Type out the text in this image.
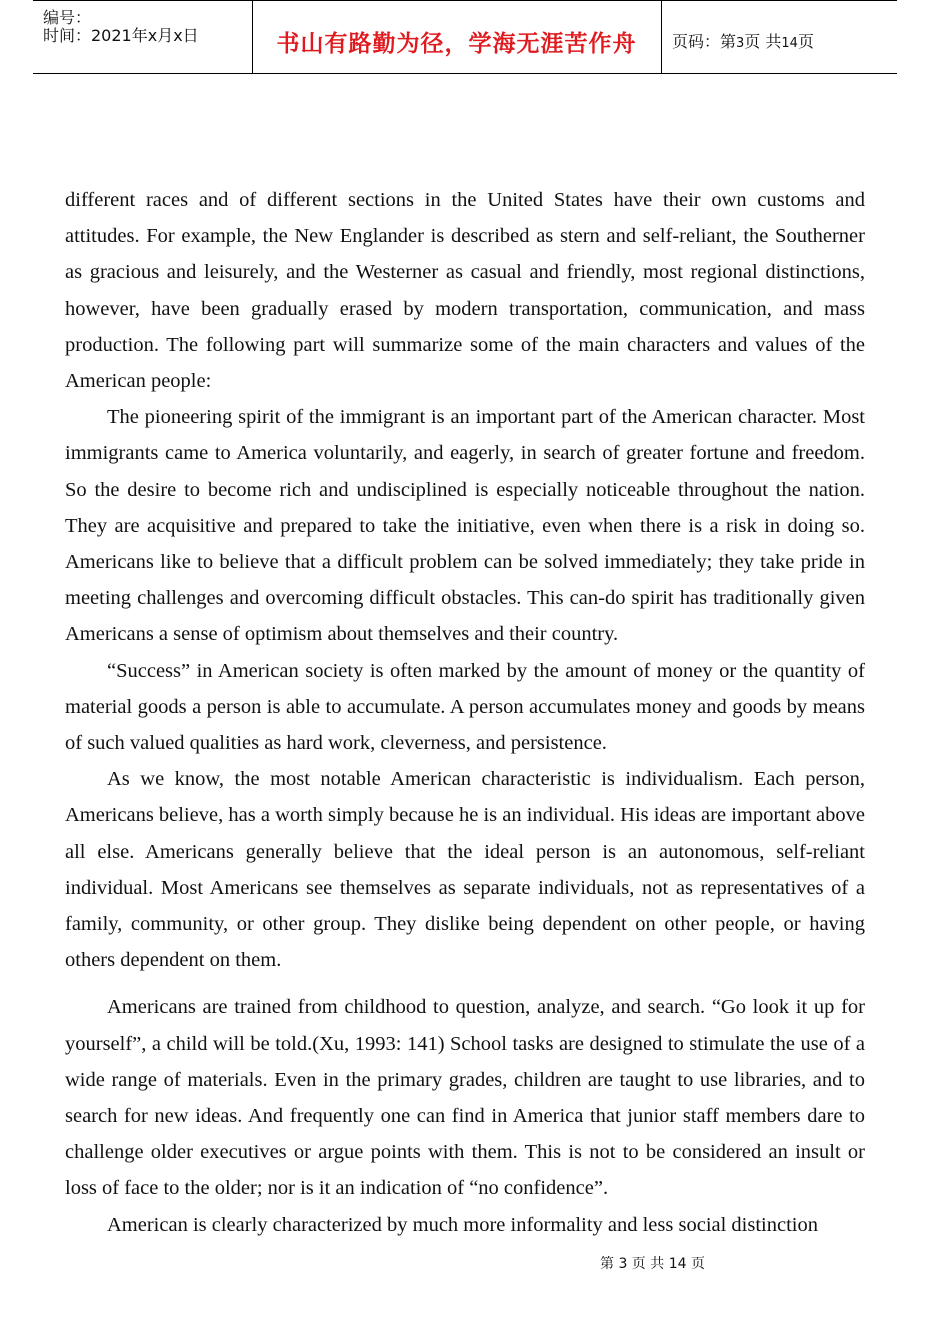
编号：
时间：2021年x月x日	书山有路勤为径，学海无涯苦作舟	页码：第3页 共14页

different races and of different sections in the United States have their own customs and attitudes. For example, the New Englander is described as stern and self-reliant, the Southerner as gracious and leisurely, and the Westerner as casual and friendly, most regional distinctions, however, have been gradually erased by modern transportation, communication, and mass production. The following part will summarize some of the main characters and values of the American people:

The pioneering spirit of the immigrant is an important part of the American character. Most immigrants came to America voluntarily, and eagerly, in search of greater fortune and freedom. So the desire to become rich and undisciplined is especially noticeable throughout the nation. They are acquisitive and prepared to take the initiative, even when there is a risk in doing so. Americans like to believe that a difficult problem can be solved immediately; they take pride in meeting challenges and overcoming difficult obstacles. This can-do spirit has traditionally given Americans a sense of optimism about themselves and their country.

“Success” in American society is often marked by the amount of money or the quantity of material goods a person is able to accumulate. A person accumulates money and goods by means of such valued qualities as hard work, cleverness, and persistence.

As we know, the most notable American characteristic is individualism. Each person, Americans believe, has a worth simply because he is an individual. His ideas are important above all else. Americans generally believe that the ideal person is an autonomous, self-reliant individual. Most Americans see themselves as separate individuals, not as representatives of a family, community, or other group. They dislike being dependent on other people, or having others dependent on them.

Americans are trained from childhood to question, analyze, and search. “Go look it up for yourself”, a child will be told.(Xu, 1993: 141) School tasks are designed to stimulate the use of a wide range of materials. Even in the primary grades, children are taught to use libraries, and to search for new ideas. And frequently one can find in America that junior staff members dare to challenge older executives or argue points with them. This is not to be considered an insult or loss of face to the older; nor is it an indication of “no confidence”.

American is clearly characterized by much more informality and less social distinction

第 3 页 共 14 页
